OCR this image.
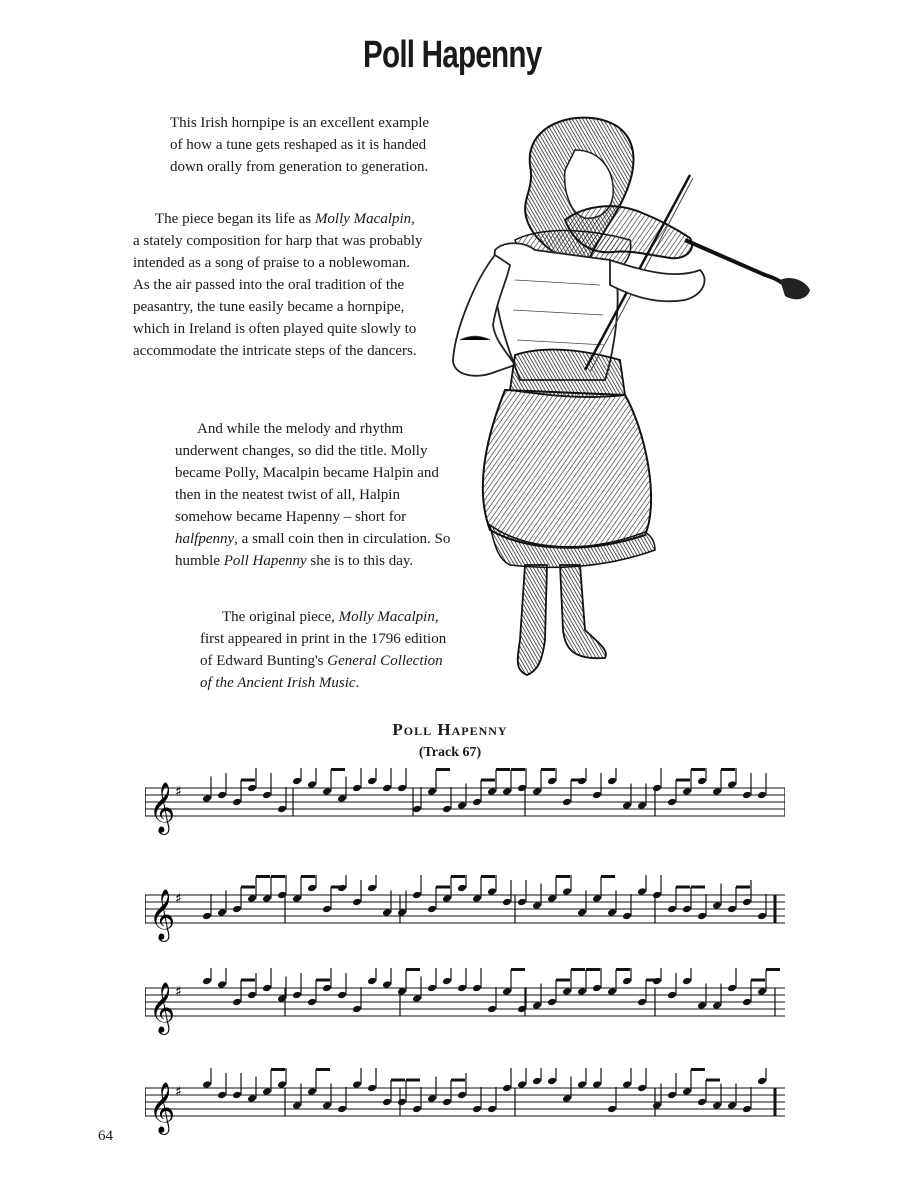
Poll Hapenny

This Irish hornpipe is an excellent example of how a tune gets reshaped as it is handed down orally from generation to generation.

The piece began its life as Molly Macalpin, a stately composition for harp that was probably intended as a song of praise to a noblewoman. As the air passed into the oral tradition of the peasantry, the tune easily became a hornpipe, which in Ireland is often played quite slowly to accommodate the intricate steps of the dancers.

And while the melody and rhythm underwent changes, so did the title. Molly became Polly, Macalpin became Halpin and then in the neatest twist of all, Halpin somehow became Hapenny – short for halfpenny, a small coin then in circulation. So humble Poll Hapenny she is to this day.

The original piece, Molly Macalpin, first appeared in print in the 1796 edition of Edward Bunting's General Collection of the Ancient Irish Music.

Poll Hapenny
(Track 67)
𝄞 ♯
𝄞 ♯
𝄞 ♯
𝄞 ♯
64
